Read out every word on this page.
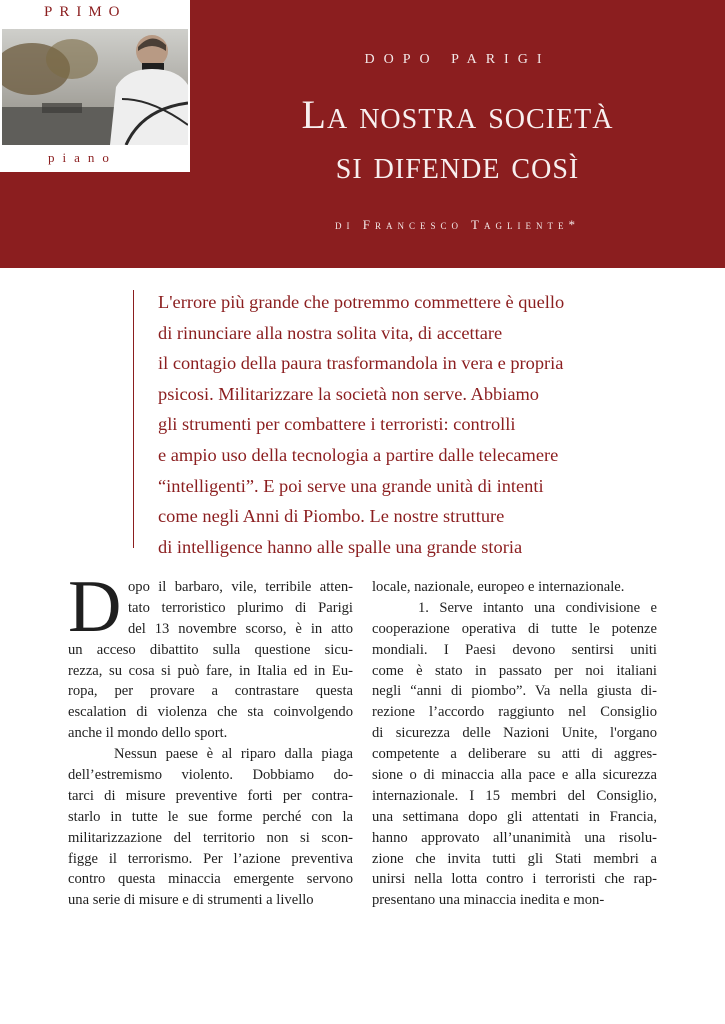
PRIMO
piano
DOPO PARIGI
La nostra società
si difende così
di Francesco Tagliente*
L'errore più grande che potremmo commettere è quello
di rinunciare alla nostra solita vita, di accettare
il contagio della paura trasformandola in vera e propria
psicosi. Militarizzare la società non serve. Abbiamo
gli strumenti per combattere i terroristi: controlli
e ampio uso della tecnologia a partire dalle telecamere
“intelligenti”. E poi serve una grande unità di intenti
come negli Anni di Piombo. Le nostre strutture
di intelligence hanno alle spalle una grande storia
D opo il barbaro, vile, terribile atten-
tato terroristico plurimo di Parigi
del 13 novembre scorso, è in atto
un acceso dibattito sulla questione sicu-
rezza, su cosa si può fare, in Italia ed in Eu-
ropa, per provare a contrastare questa
escalation di violenza che sta coinvolgendo
anche il mondo dello sport.
Nessun paese è al riparo dalla piaga
dell’estremismo violento. Dobbiamo do-
tarci di misure preventive forti per contra-
starlo in tutte le sue forme perché con la
militarizzazione del territorio non si scon-
figge il terrorismo. Per l’azione preventiva
contro questa minaccia emergente servono
una serie di misure e di strumenti a livello
locale, nazionale, europeo e internazionale.
1. Serve intanto una condivisione e
cooperazione operativa di tutte le potenze
mondiali. I Paesi devono sentirsi uniti
come è stato in passato per noi italiani
negli “anni di piombo”. Va nella giusta di-
rezione l’accordo raggiunto nel Consiglio
di sicurezza delle Nazioni Unite, l'organo
competente a deliberare su atti di aggres-
sione o di minaccia alla pace e alla sicurezza
internazionale. I 15 membri del Consiglio,
una settimana dopo gli attentati in Francia,
hanno approvato all’unanimità una risolu-
zione che invita tutti gli Stati membri a
unirsi nella lotta contro i terroristi che rap-
presentano una minaccia inedita e mon-
